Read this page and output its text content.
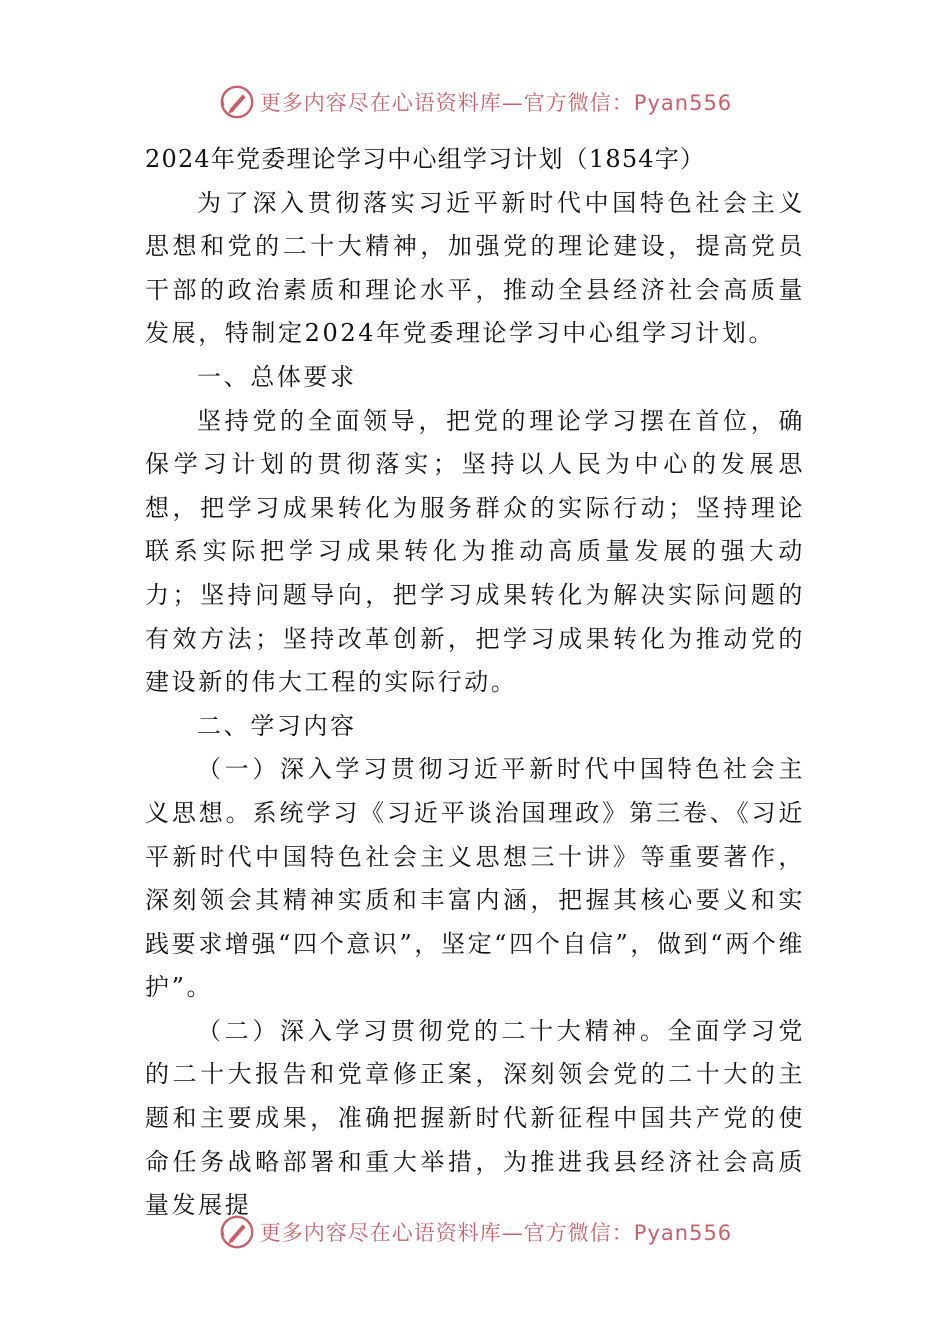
更多内容尽在心语资料库—官方微信：Pyan556

2024年党委理论学习中心组学习计划（1854字）

为了深入贯彻落实习近平新时代中国特色社会主义思想和党的二十大精神，加强党的理论建设，提高党员干部的政治素质和理论水平，推动全县经济社会高质量发展，特制定2024年党委理论学习中心组学习计划。

一、总体要求

坚持党的全面领导，把党的理论学习摆在首位，确保学习计划的贯彻落实；坚持以人民为中心的发展思想，把学习成果转化为服务群众的实际行动；坚持理论联系实际把学习成果转化为推动高质量发展的强大动力；坚持问题导向，把学习成果转化为解决实际问题的有效方法；坚持改革创新，把学习成果转化为推动党的建设新的伟大工程的实际行动。

二、学习内容

（一）深入学习贯彻习近平新时代中国特色社会主义思想。系统学习《习近平谈治国理政》第三卷、《习近平新时代中国特色社会主义思想三十讲》等重要著作，深刻领会其精神实质和丰富内涵，把握其核心要义和实践要求增强“四个意识”，坚定“四个自信”，做到“两个维护”。

（二）深入学习贯彻党的二十大精神。全面学习党的二十大报告和党章修正案，深刻领会党的二十大的主题和主要成果，准确把握新时代新征程中国共产党的使命任务战略部署和重大举措，为推进我县经济社会高质量发展提

更多内容尽在心语资料库—官方微信：Pyan556
